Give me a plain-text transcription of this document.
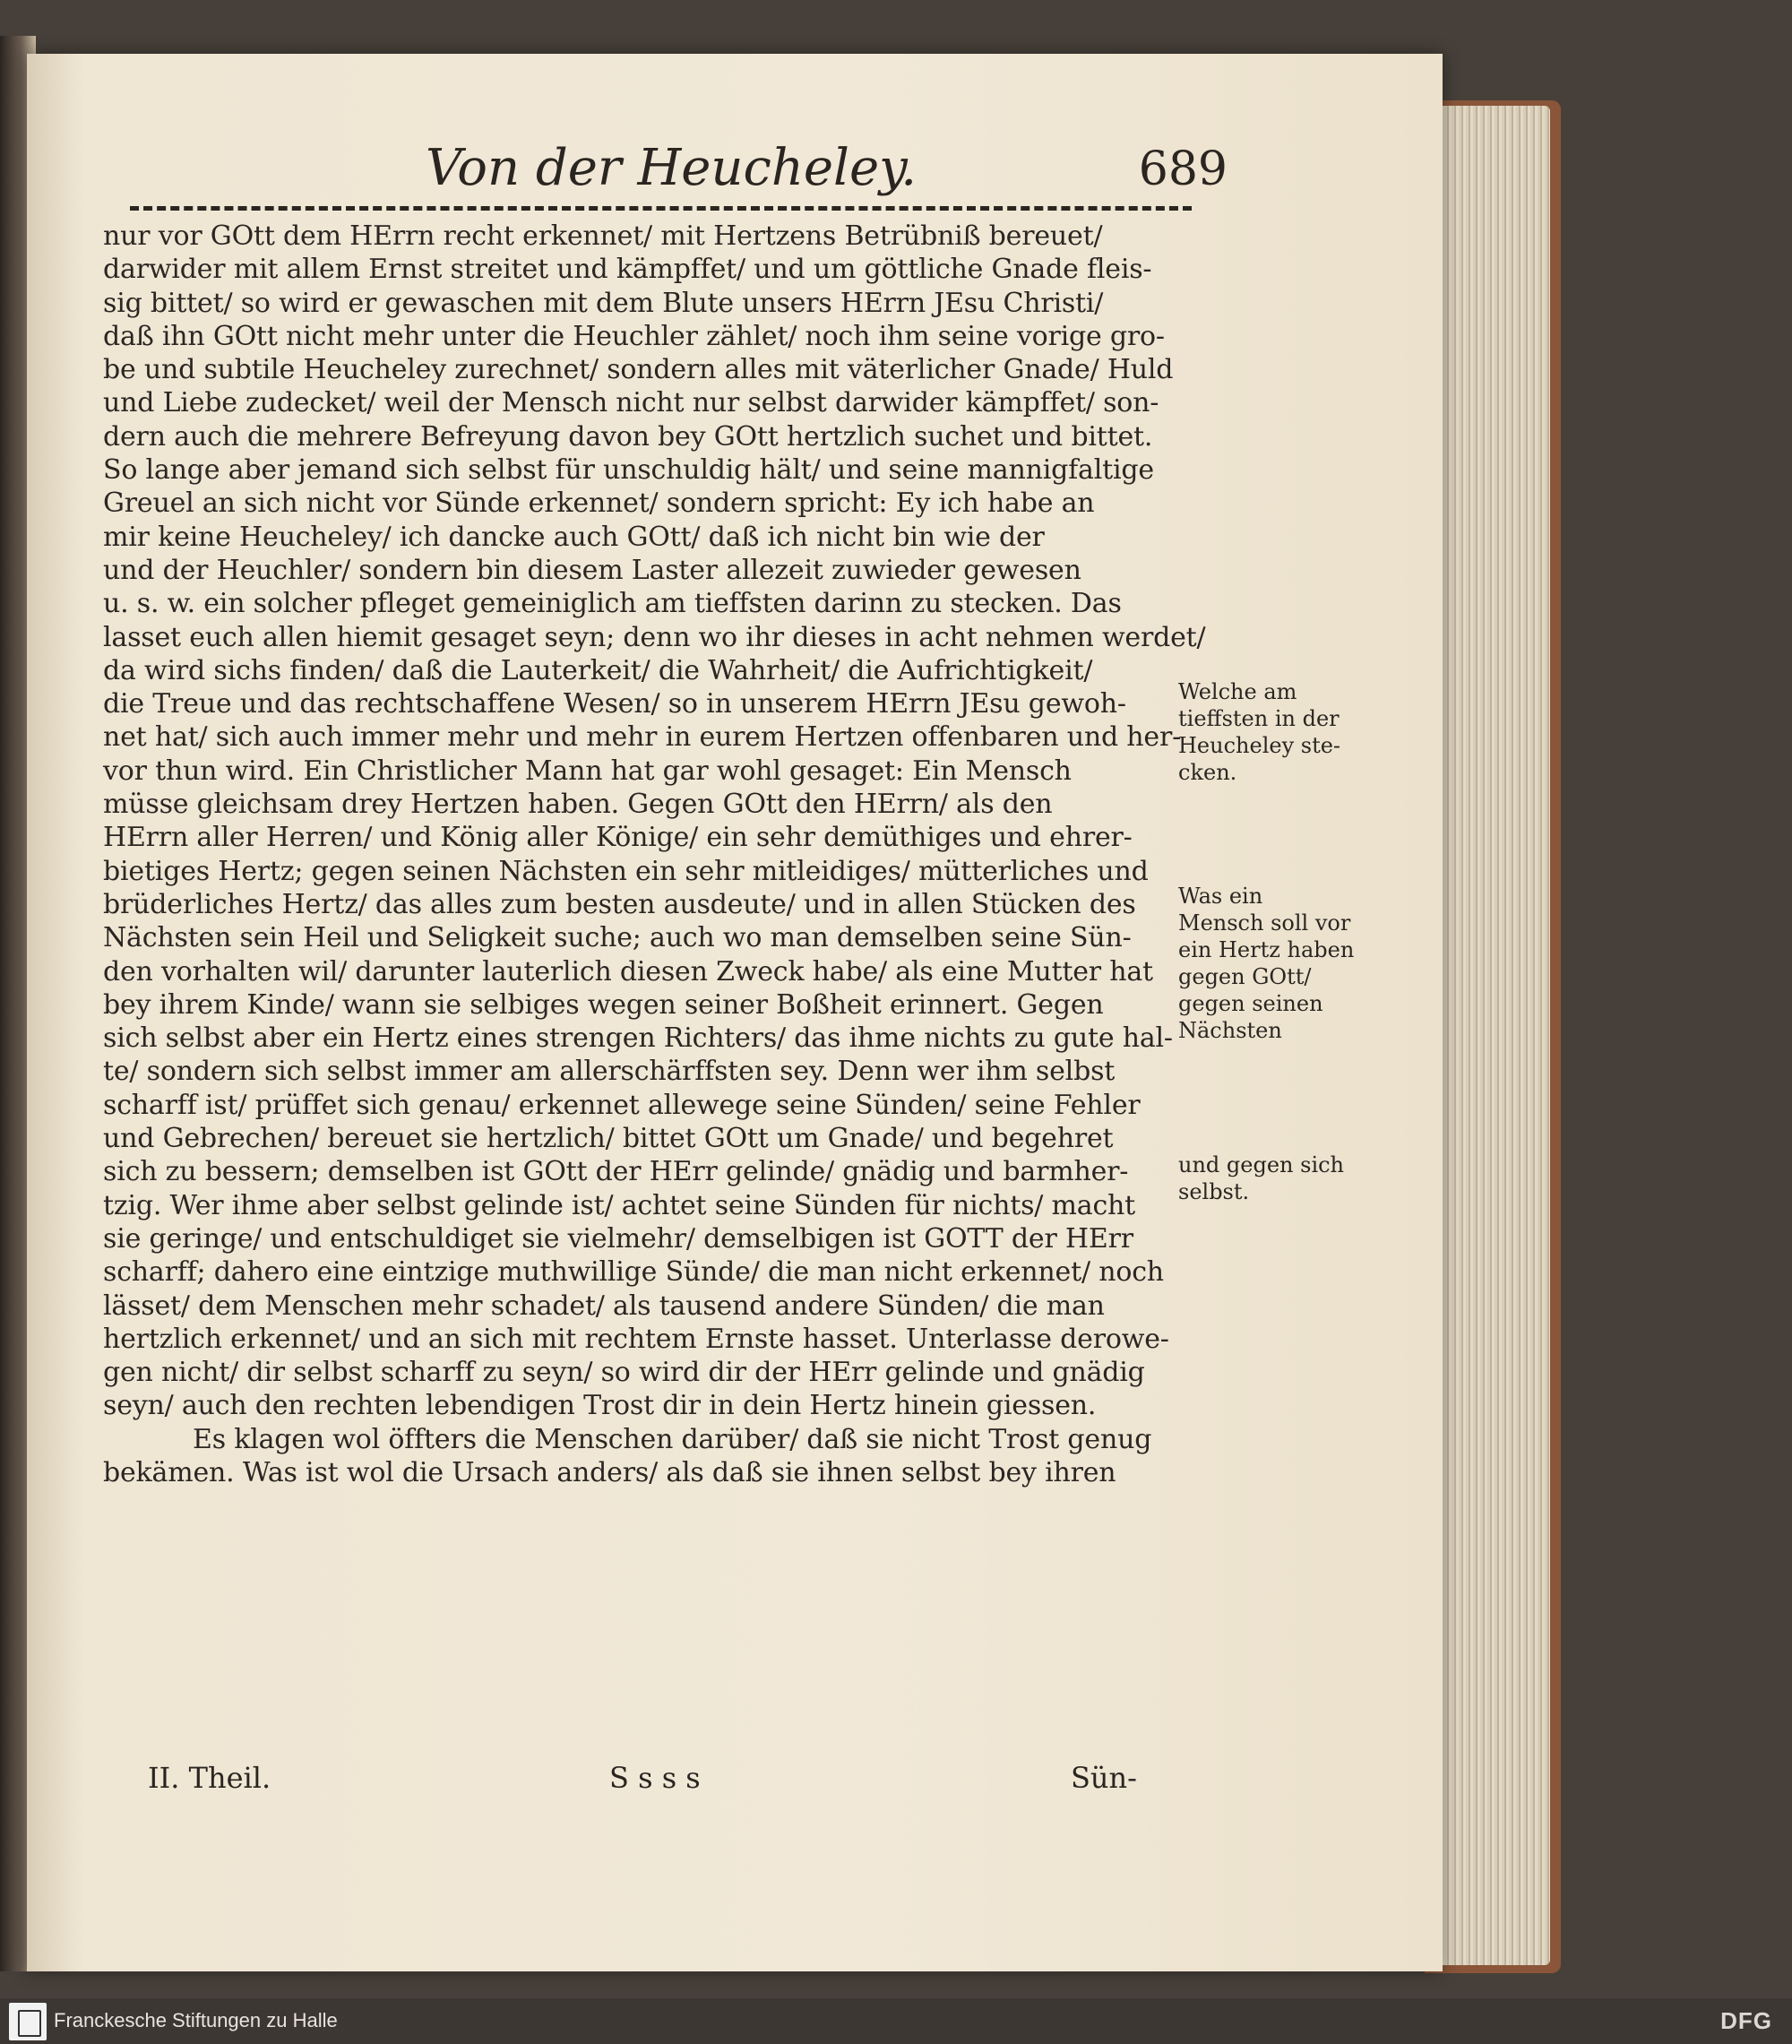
Von der Heucheley.	689
nur vor GOtt dem HErrn recht erkennet/ mit Hertzens Betrübniß bereuet/
darwider mit allem Ernst streitet und kämpffet/ und um göttliche Gnade fleis-
sig bittet/ so wird er gewaschen mit dem Blute unsers HErrn JEsu Christi/
daß ihn GOtt nicht mehr unter die Heuchler zählet/ noch ihm seine vorige gro-
be und subtile Heucheley zurechnet/ sondern alles mit väterlicher Gnade/ Huld
und Liebe zudecket/ weil der Mensch nicht nur selbst darwider kämpffet/ son-
dern auch die mehrere Befreyung davon bey GOtt hertzlich suchet und bittet.
So lange aber jemand sich selbst für unschuldig hält/ und seine mannigfaltige
Greuel an sich nicht vor Sünde erkennet/ sondern spricht: Ey ich habe an
mir keine Heucheley/ ich dancke auch GOtt/ daß ich nicht bin wie der
und der Heuchler/ sondern bin diesem Laster allezeit zuwieder gewesen
u. s. w. ein solcher pfleget gemeiniglich am tieffsten darinn zu stecken. Das
lasset euch allen hiemit gesaget seyn; denn wo ihr dieses in acht nehmen werdet/
da wird sichs finden/ daß die Lauterkeit/ die Wahrheit/ die Aufrichtigkeit/
die Treue und das rechtschaffene Wesen/ so in unserem HErrn JEsu gewoh-
net hat/ sich auch immer mehr und mehr in eurem Hertzen offenbaren und her-
vor thun wird. Ein Christlicher Mann hat gar wohl gesaget: Ein Mensch
müsse gleichsam drey Hertzen haben. Gegen GOtt den HErrn/ als den
HErrn aller Herren/ und König aller Könige/ ein sehr demüthiges und ehrer-
bietiges Hertz; gegen seinen Nächsten ein sehr mitleidiges/ mütterliches und
brüderliches Hertz/ das alles zum besten ausdeute/ und in allen Stücken des
Nächsten sein Heil und Seligkeit suche; auch wo man demselben seine Sün-
den vorhalten wil/ darunter lauterlich diesen Zweck habe/ als eine Mutter hat
bey ihrem Kinde/ wann sie selbiges wegen seiner Boßheit erinnert. Gegen
sich selbst aber ein Hertz eines strengen Richters/ das ihme nichts zu gute hal-
te/ sondern sich selbst immer am allerschärffsten sey. Denn wer ihm selbst
scharff ist/ prüffet sich genau/ erkennet allewege seine Sünden/ seine Fehler
und Gebrechen/ bereuet sie hertzlich/ bittet GOtt um Gnade/ und begehret
sich zu bessern; demselben ist GOtt der HErr gelinde/ gnädig und barmher-
tzig. Wer ihme aber selbst gelinde ist/ achtet seine Sünden für nichts/ macht
sie geringe/ und entschuldiget sie vielmehr/ demselbigen ist GOTT der HErr
scharff; dahero eine eintzige muthwillige Sünde/ die man nicht erkennet/ noch
lässet/ dem Menschen mehr schadet/ als tausend andere Sünden/ die man
hertzlich erkennet/ und an sich mit rechtem Ernste hasset. Unterlasse derowe-
gen nicht/ dir selbst scharff zu seyn/ so wird dir der HErr gelinde und gnädig
seyn/ auch den rechten lebendigen Trost dir in dein Hertz hinein giessen.
Es klagen wol öffters die Menschen darüber/ daß sie nicht Trost genug
bekämen. Was ist wol die Ursach anders/ als daß sie ihnen selbst bey ihren
Welche am
tieffsten in der
Heucheley ste-
cken.
Was ein
Mensch soll vor
ein Hertz haben
gegen GOtt/
gegen seinen
Nächsten
und gegen sich
selbst.
II. Theil.	S s s s	Sün-
Franckesche Stiftungen zu Halle	DFG
